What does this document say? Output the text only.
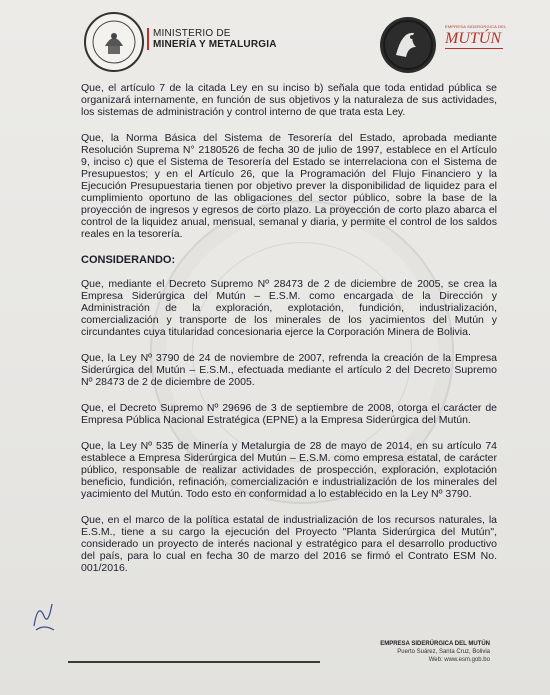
MINISTERIO DE
MINERÍA Y METALURGIA
EMPRESA SIDERÚRGICA DEL
MUTÚN

Que, el artículo 7 de la citada Ley en su inciso b) señala que toda entidad pública se organizará internamente, en función de sus objetivos y la naturaleza de sus actividades, los sistemas de administración y control interno de que trata esta Ley.

Que, la Norma Básica del Sistema de Tesorería del Estado, aprobada mediante Resolución Suprema N° 2180526 de fecha 30 de julio de 1997, establece en el Artículo 9, inciso c) que el Sistema de Tesorería del Estado se interrelaciona con el Sistema de Presupuestos; y en el Artículo 26, que la Programación del Flujo Financiero y la Ejecución Presupuestaria tienen por objetivo prever la disponibilidad de liquidez para el cumplimiento oportuno de las obligaciones del sector público, sobre la base de la proyección de ingresos y egresos de corto plazo. La proyección de corto plazo abarca el control de la liquidez anual, mensual, semanal y diaria, y permite el control de los saldos reales en la tesorería.

CONSIDERANDO:

Que, mediante el Decreto Supremo Nº 28473 de 2 de diciembre de 2005, se crea la Empresa Siderúrgica del Mutún – E.S.M. como encargada de la Dirección y Administración de la exploración, explotación, fundición, industrialización, comercialización y transporte de los minerales de los yacimientos del Mutún y circundantes cuya titularidad concesionaria ejerce la Corporación Minera de Bolivia.

Que, la Ley Nº 3790 de 24 de noviembre de 2007, refrenda la creación de la Empresa Siderúrgica del Mutún – E.S.M., efectuada mediante el artículo 2 del Decreto Supremo Nº 28473 de 2 de diciembre de 2005.

Que, el Decreto Supremo Nº 29696 de 3 de septiembre de 2008, otorga el carácter de Empresa Pública Nacional Estratégica (EPNE) a la Empresa Siderúrgica del Mutún.

Que, la Ley Nº 535 de Minería y Metalurgia de 28 de mayo de 2014, en su artículo 74 establece a Empresa Siderúrgica del Mutún – E.S.M. como empresa estatal, de carácter público, responsable de realizar actividades de prospección, exploración, explotación beneficio, fundición, refinación, comercialización e industrialización de los minerales del yacimiento del Mutún. Todo esto en conformidad a lo establecido en la Ley Nº 3790.

Que, en el marco de la política estatal de industrialización de los recursos naturales, la E.S.M., tiene a su cargo la ejecución del Proyecto "Planta Siderúrgica del Mutún", considerado un proyecto de interés nacional y estratégico para el desarrollo productivo del país, para lo cual en fecha 30 de marzo del 2016 se firmó el Contrato ESM No. 001/2016.

EMPRESA SIDERÚRGICA DEL MUTÚN
Puerto Suárez, Santa Cruz, Bolivia
Web: www.esm.gob.bo
